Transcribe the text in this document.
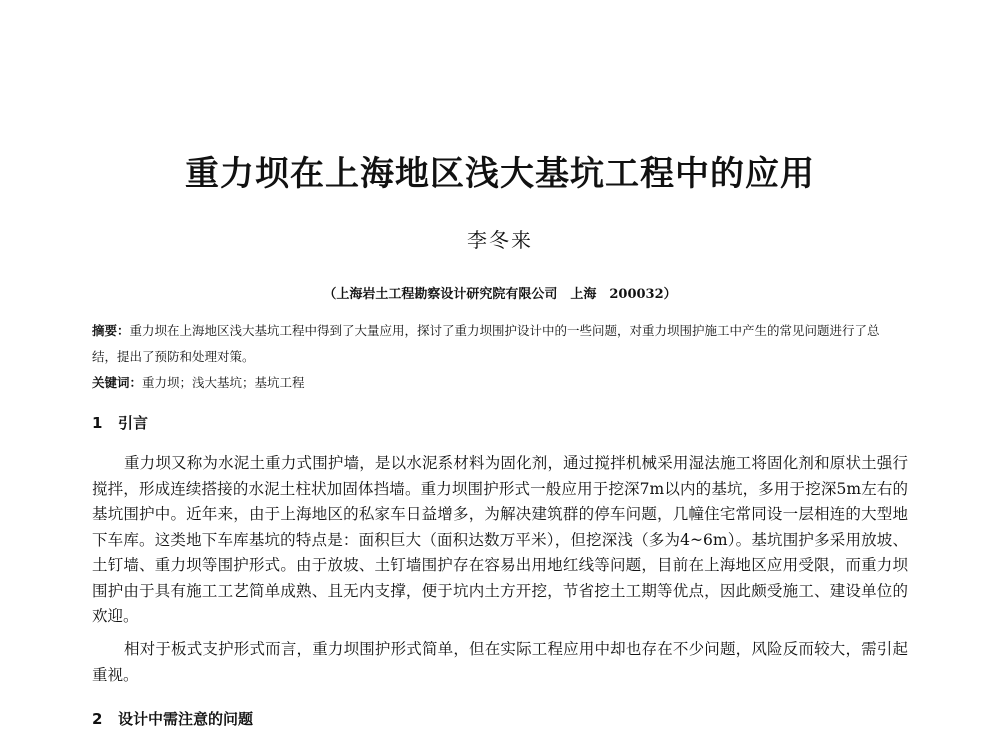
重力坝在上海地区浅大基坑工程中的应用
李冬来
（上海岩土工程勘察设计研究院有限公司　上海　200032）

摘要：重力坝在上海地区浅大基坑工程中得到了大量应用，探讨了重力坝围护设计中的一些问题，对重力坝围护施工中产生的常见问题进行了总结，提出了预防和处理对策。

关键词：重力坝；浅大基坑；基坑工程

1 引言

重力坝又称为水泥土重力式围护墙，是以水泥系材料为固化剂，通过搅拌机械采用湿法施工将固化剂和原状土强行搅拌，形成连续搭接的水泥土柱状加固体挡墙。重力坝围护形式一般应用于挖深7m以内的基坑，多用于挖深5m左右的基坑围护中。近年来，由于上海地区的私家车日益增多，为解决建筑群的停车问题，几幢住宅常同设一层相连的大型地下车库。这类地下车库基坑的特点是：面积巨大（面积达数万平米），但挖深浅（多为4~6m）。基坑围护多采用放坡、土钉墙、重力坝等围护形式。由于放坡、土钉墙围护存在容易出用地红线等问题，目前在上海地区应用受限，而重力坝围护由于具有施工工艺简单成熟、且无内支撑，便于坑内土方开挖，节省挖土工期等优点，因此颇受施工、建设单位的欢迎。

相对于板式支护形式而言，重力坝围护形式简单，但在实际工程应用中却也存在不少问题，风险反而较大，需引起重视。

2 设计中需注意的问题
